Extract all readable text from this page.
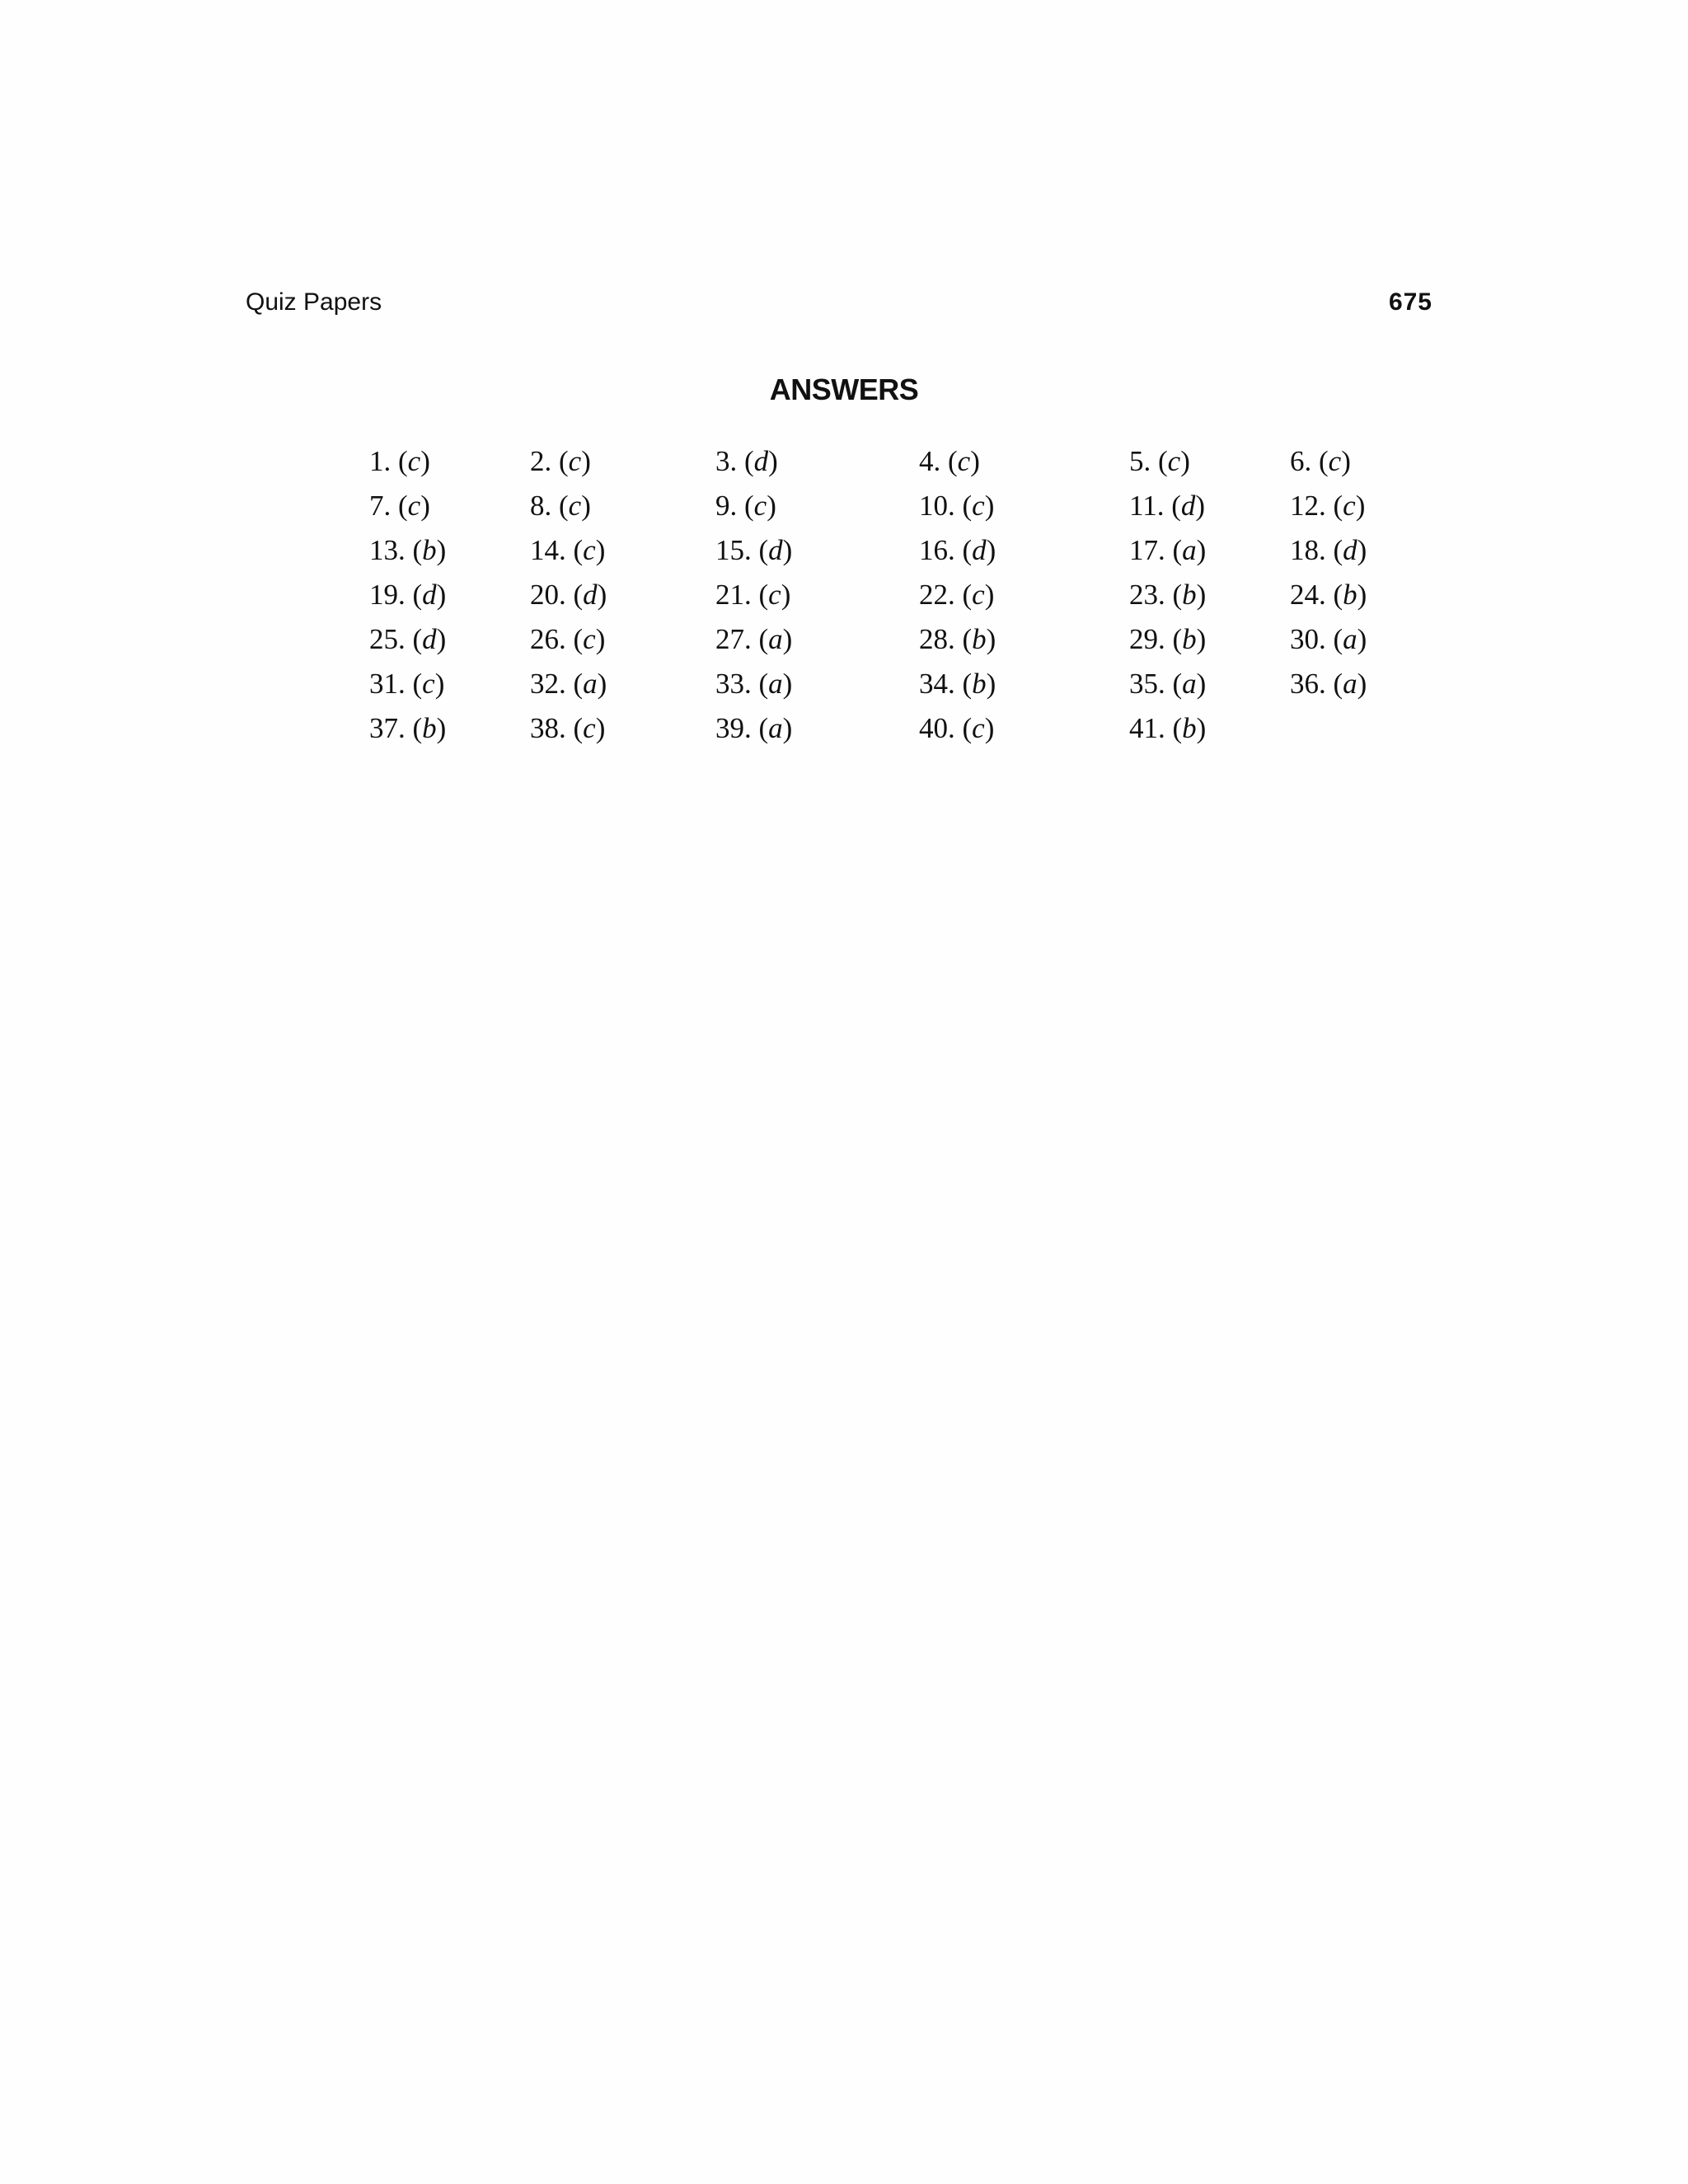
Quiz Papers	675
ANSWERS
1. (c)	2. (c)	3. (d)	4. (c)	5. (c)	6. (c)
7. (c)	8. (c)	9. (c)	10. (c)	11. (d)	12. (c)
13. (b)	14. (c)	15. (d)	16. (d)	17. (a)	18. (d)
19. (d)	20. (d)	21. (c)	22. (c)	23. (b)	24. (b)
25. (d)	26. (c)	27. (a)	28. (b)	29. (b)	30. (a)
31. (c)	32. (a)	33. (a)	34. (b)	35. (a)	36. (a)
37. (b)	38. (c)	39. (a)	40. (c)	41. (b)
